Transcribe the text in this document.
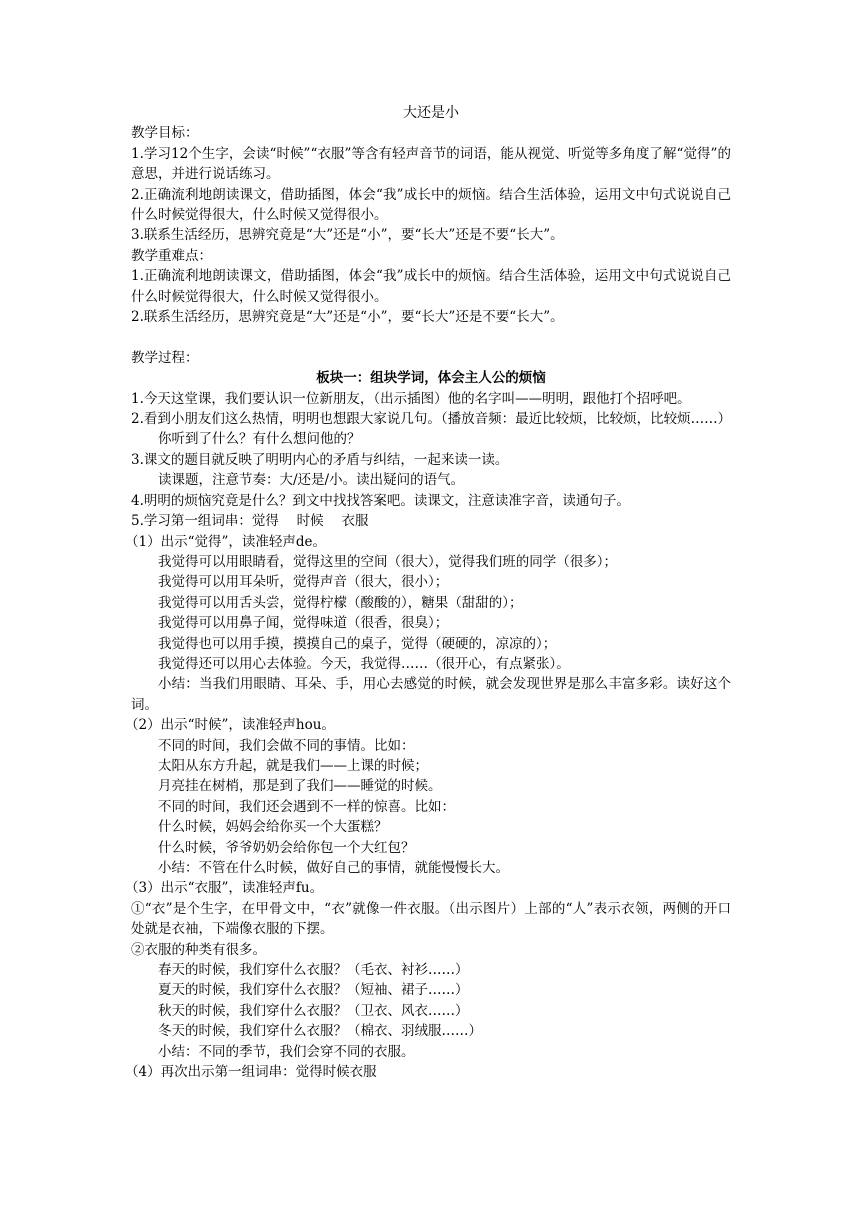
大还是小

教学目标：

1.学习12个生字，会读“时候”“衣服”等含有轻声音节的词语，能从视觉、听觉等多角度了解“觉得”的意思，并进行说话练习。

2.正确流利地朗读课文，借助插图，体会“我”成长中的烦恼。结合生活体验，运用文中句式说说自己什么时候觉得很大，什么时候又觉得很小。

3.联系生活经历，思辨究竟是“大”还是“小”，要“长大”还是不要“长大”。

教学重难点：

1.正确流利地朗读课文，借助插图，体会“我”成长中的烦恼。结合生活体验，运用文中句式说说自己什么时候觉得很大，什么时候又觉得很小。

2.联系生活经历，思辨究竟是“大”还是“小”，要“长大”还是不要“长大”。

教学过程：

板块一：组块学词，体会主人公的烦恼

1.今天这堂课，我们要认识一位新朋友，（出示插图）他的名字叫——明明，跟他打个招呼吧。

2.看到小朋友们这么热情，明明也想跟大家说几句。（播放音频：最近比较烦，比较烦，比较烦……）

你听到了什么？有什么想问他的？

3.课文的题目就反映了明明内心的矛盾与纠结，一起来读一读。

读课题，注意节奏：大/还是/小。读出疑问的语气。

4.明明的烦恼究竟是什么？到文中找找答案吧。读课文，注意读准字音，读通句子。

5.学习第一组词串：觉得　 时候　 衣服

（1）出示“觉得”，读准轻声de。

我觉得可以用眼睛看，觉得这里的空间（很大），觉得我们班的同学（很多）；

我觉得可以用耳朵听，觉得声音（很大，很小）；

我觉得可以用舌头尝，觉得柠檬（酸酸的），糖果（甜甜的）；

我觉得可以用鼻子闻，觉得味道（很香，很臭）；

我觉得也可以用手摸，摸摸自己的桌子，觉得（硬硬的，凉凉的）；

我觉得还可以用心去体验。今天，我觉得……（很开心，有点紧张）。

小结：当我们用眼睛、耳朵、手，用心去感觉的时候，就会发现世界是那么丰富多彩。读好这个词。

（2）出示“时候”，读准轻声hou。

不同的时间，我们会做不同的事情。比如：

太阳从东方升起，就是我们——上课的时候；

月亮挂在树梢，那是到了我们——睡觉的时候。

不同的时间，我们还会遇到不一样的惊喜。比如：

什么时候，妈妈会给你买一个大蛋糕？

什么时候，爷爷奶奶会给你包一个大红包？

小结：不管在什么时候，做好自己的事情，就能慢慢长大。

（3）出示“衣服”，读准轻声fu。

①“衣”是个生字，在甲骨文中，“衣”就像一件衣服。（出示图片）上部的“人”表示衣领，两侧的开口处就是衣袖，下端像衣服的下摆。

②衣服的种类有很多。

春天的时候，我们穿什么衣服？（毛衣、衬衫……）

夏天的时候，我们穿什么衣服？（短袖、裙子……）

秋天的时候，我们穿什么衣服？（卫衣、风衣……）

冬天的时候，我们穿什么衣服？（棉衣、羽绒服……）

小结：不同的季节，我们会穿不同的衣服。

（4）再次出示第一组词串：觉得时候衣服
